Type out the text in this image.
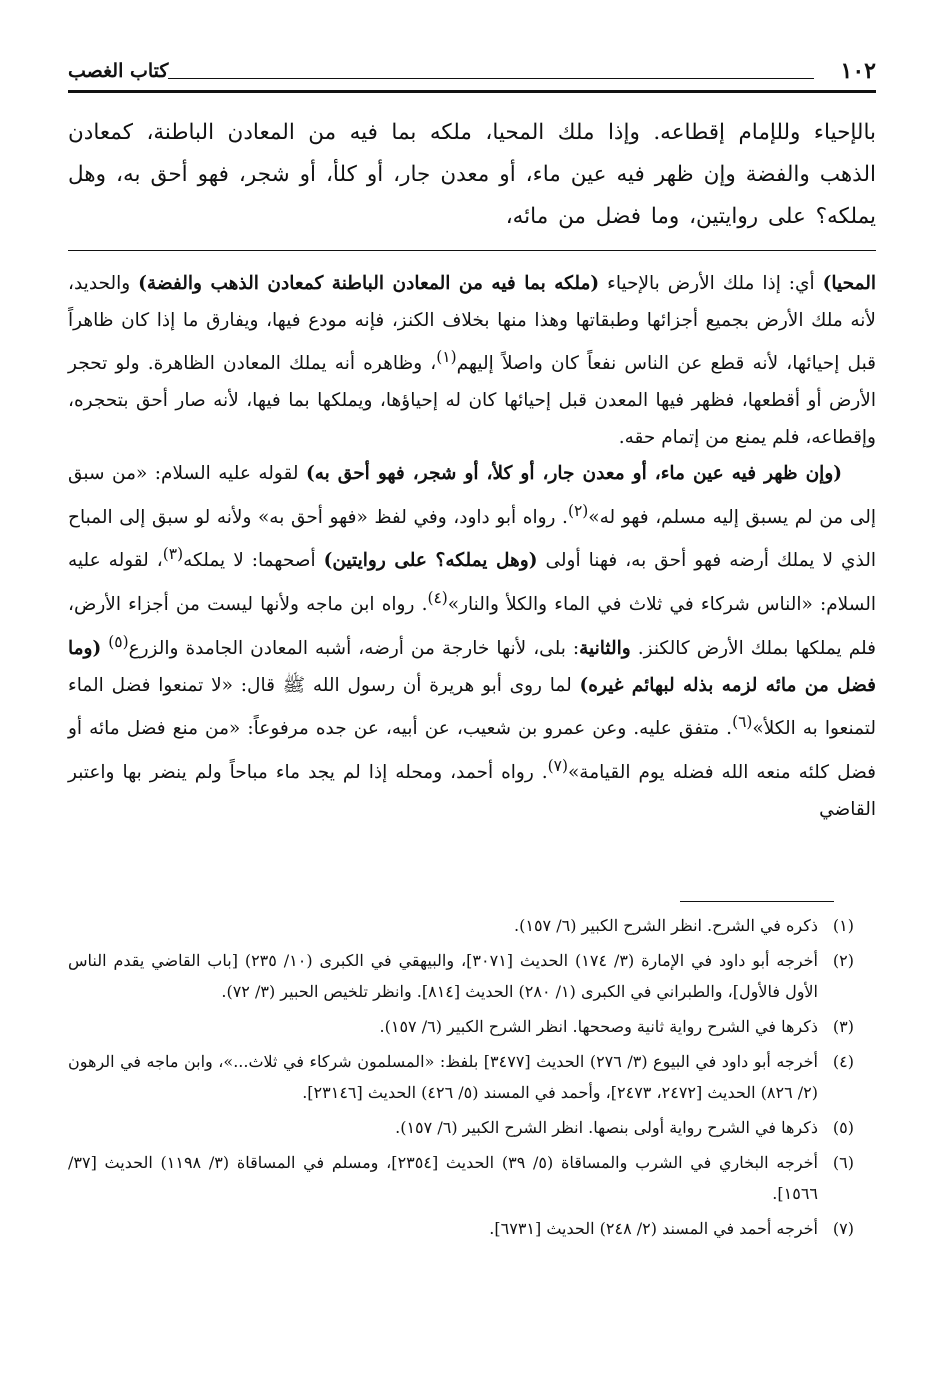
١٠٢
كتاب الغصب
بالإحياء وللإمام إقطاعه. وإذا ملك المحيا، ملكه بما فيه من المعادن الباطنة، كمعادن الذهب والفضة وإن ظهر فيه عين ماء، أو معدن جار، أو كلأ، أو شجر، فهو أحق به، وهل يملكه؟ على روايتين، وما فضل من مائه،

المحيا) أي: إذا ملك الأرض بالإحياء (ملكه بما فيه من المعادن الباطنة كمعادن الذهب والفضة) والحديد، لأنه ملك الأرض بجميع أجزائها وطبقاتها وهذا منها بخلاف الكنز، فإنه مودع فيها، ويفارق ما إذا كان ظاهراً قبل إحيائها، لأنه قطع عن الناس نفعاً كان واصلاً إليهم$^{(١)}$، وظاهره أنه يملك المعادن الظاهرة. ولو تحجر الأرض أو أقطعها، فظهر فيها المعدن قبل إحيائها كان له إحياؤها، ويملكها بما فيها، لأنه صار أحق بتحجره، وإقطاعه، فلم يمنع من إتمام حقه.

(وإن ظهر فيه عين ماء، أو معدن جار، أو كلأ، أو شجر، فهو أحق به) لقوله عليه السلام: «من سبق إلى من لم يسبق إليه مسلم، فهو له»$^{(٢)}$. رواه أبو داود، وفي لفظ «فهو أحق به» ولأنه لو سبق إلى المباح الذي لا يملك أرضه فهو أحق به، فهنا أولى (وهل يملكه؟ على روايتين) أصحهما: لا يملكه$^{(٣)}$، لقوله عليه السلام: «الناس شركاء في ثلاث في الماء والكلأ والنار»$^{(٤)}$. رواه ابن ماجه ولأنها ليست من أجزاء الأرض، فلم يملكها بملك الأرض كالكنز. والثانية: بلى، لأنها خارجة من أرضه، أشبه المعادن الجامدة والزرع$^{(٥)}$ (وما فضل من مائه لزمه بذله لبهائم غيره) لما روى أبو هريرة أن رسول الله ﷺ قال: «لا تمنعوا فضل الماء لتمنعوا به الكلأ»$^{(٦)}$. متفق عليه. وعن عمرو بن شعيب، عن أبيه، عن جده مرفوعاً: «من منع فضل مائه أو فضل كلئه منعه الله فضله يوم القيامة»$^{(٧)}$. رواه أحمد، ومحله إذا لم يجد ماء مباحاً ولم ينضر بها واعتبر القاضي

(١)
ذكره في الشرح. انظر الشرح الكبير (٦/ ١٥٧).
(٢)
أخرجه أبو داود في الإمارة (٣/ ١٧٤) الحديث [٣٠٧١]، والبيهقي في الكبرى (١٠/ ٢٣٥) [باب القاضي يقدم الناس الأول فالأول]، والطبراني في الكبرى (١/ ٢٨٠) الحديث [٨١٤]. وانظر تلخيص الحبير (٣/ ٧٢).
(٣)
ذكرها في الشرح رواية ثانية وصححها. انظر الشرح الكبير (٦/ ١٥٧).
(٤)
أخرجه أبو داود في البيوع (٣/ ٢٧٦) الحديث [٣٤٧٧] بلفظ: «المسلمون شركاء في ثلاث...»، وابن ماجه في الرهون (٢/ ٨٢٦) الحديث [٢٤٧٢، ٢٤٧٣]، وأحمد في المسند (٥/ ٤٢٦) الحديث [٢٣١٤٦].
(٥)
ذكرها في الشرح رواية أولى بنصها. انظر الشرح الكبير (٦/ ١٥٧).
(٦)
أخرجه البخاري في الشرب والمساقاة (٥/ ٣٩) الحديث [٢٣٥٤]، ومسلم في المساقاة (٣/ ١١٩٨) الحديث [٣٧/ ١٥٦٦].
(٧)
أخرجه أحمد في المسند (٢/ ٢٤٨) الحديث [٦٧٣١].
